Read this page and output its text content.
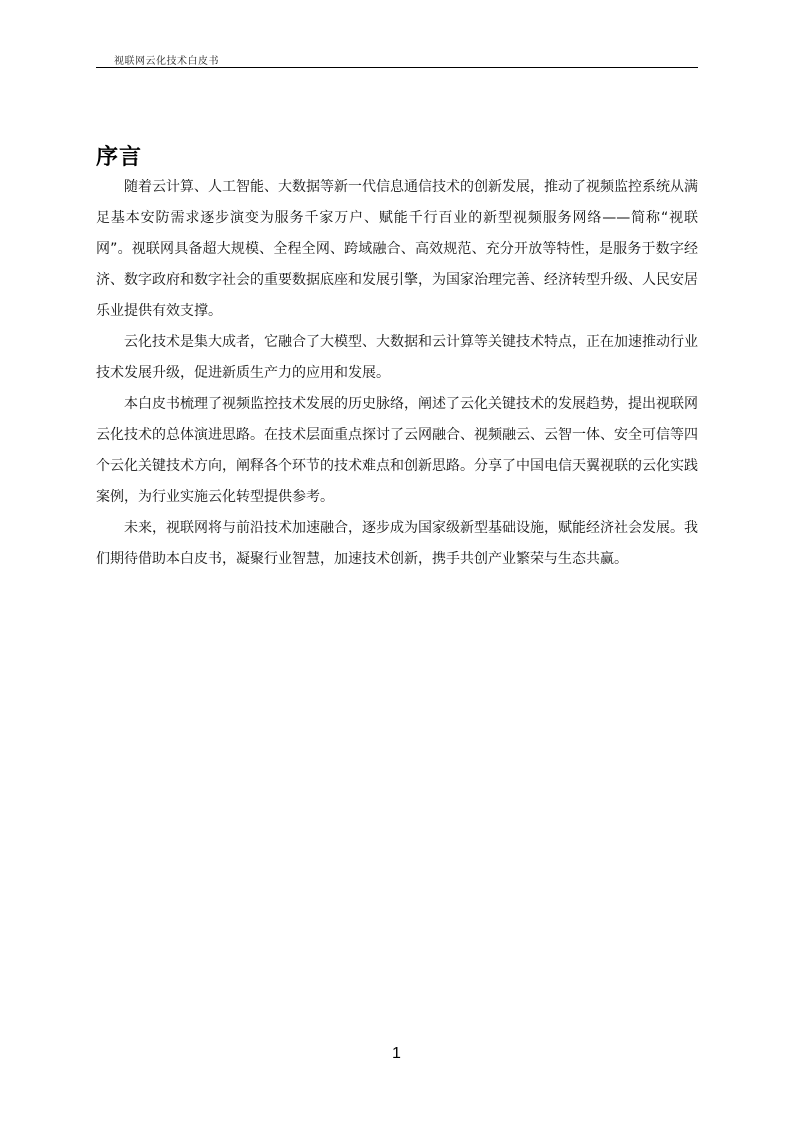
视联网云化技术白皮书
序言

随着云计算、人工智能、大数据等新一代信息通信技术的创新发展，推动了视频监控系统从满足基本安防需求逐步演变为服务千家万户、赋能千行百业的新型视频服务网络——简称“视联网”。视联网具备超大规模、全程全网、跨域融合、高效规范、充分开放等特性，是服务于数字经济、数字政府和数字社会的重要数据底座和发展引擎，为国家治理完善、经济转型升级、人民安居乐业提供有效支撑。

云化技术是集大成者，它融合了大模型、大数据和云计算等关键技术特点，正在加速推动行业技术发展升级，促进新质生产力的应用和发展。

本白皮书梳理了视频监控技术发展的历史脉络，阐述了云化关键技术的发展趋势，提出视联网云化技术的总体演进思路。在技术层面重点探讨了云网融合、视频融云、云智一体、安全可信等四个云化关键技术方向，阐释各个环节的技术难点和创新思路。分享了中国电信天翼视联的云化实践案例，为行业实施云化转型提供参考。

未来，视联网将与前沿技术加速融合，逐步成为国家级新型基础设施，赋能经济社会发展。我们期待借助本白皮书，凝聚行业智慧，加速技术创新，携手共创产业繁荣与生态共赢。

1
